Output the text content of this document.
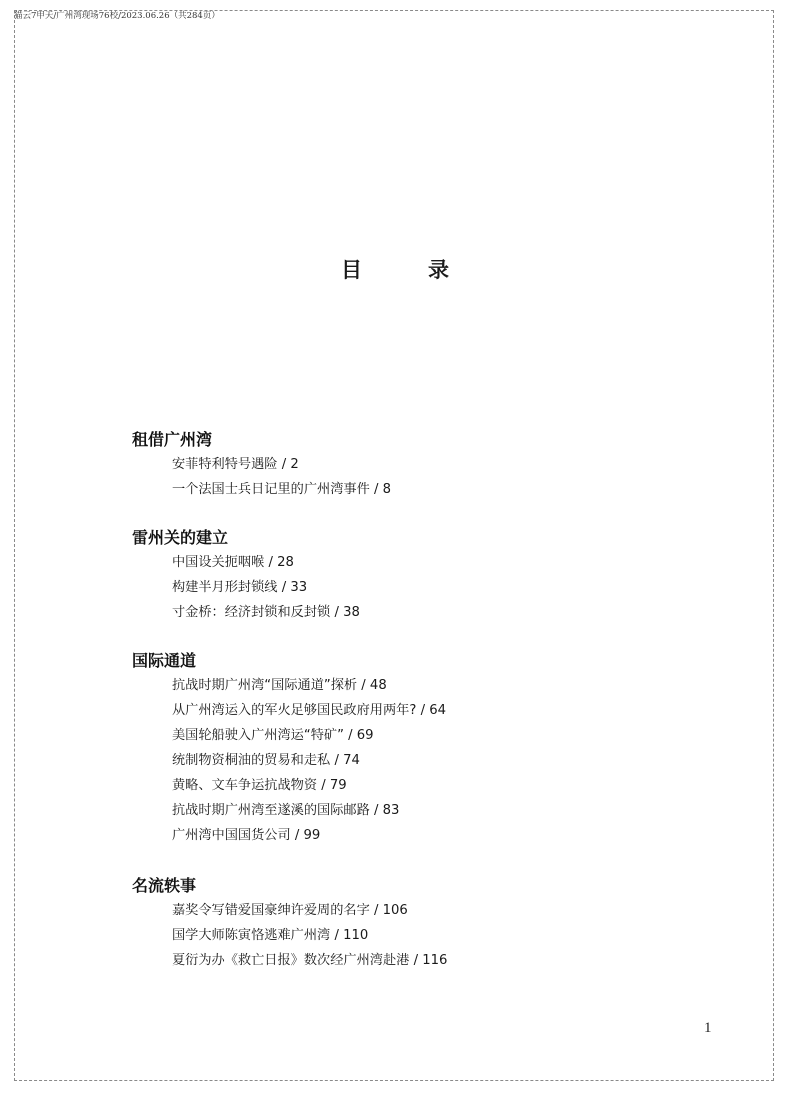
猫云7甲天/广州湾现场76校/2023.06.26（共284页）
目	录
租借广州湾
安菲特利特号遇险 / 2
一个法国士兵日记里的广州湾事件 / 8
雷州关的建立
中国设关扼咽喉 / 28
构建半月形封锁线 / 33
寸金桥：经济封锁和反封锁 / 38
国际通道
抗战时期广州湾“国际通道”探析 / 48
从广州湾运入的军火足够国民政府用两年? / 64
美国轮船驶入广州湾运“特矿” / 69
统制物资桐油的贸易和走私 / 74
黄略、文车争运抗战物资 / 79
抗战时期广州湾至遂溪的国际邮路 / 83
广州湾中国国货公司 / 99
名流轶事
嘉奖令写错爱国豪绅许爱周的名字 / 106
国学大师陈寅恪逃难广州湾 / 110
夏衍为办《救亡日报》数次经广州湾赴港 / 116
1
